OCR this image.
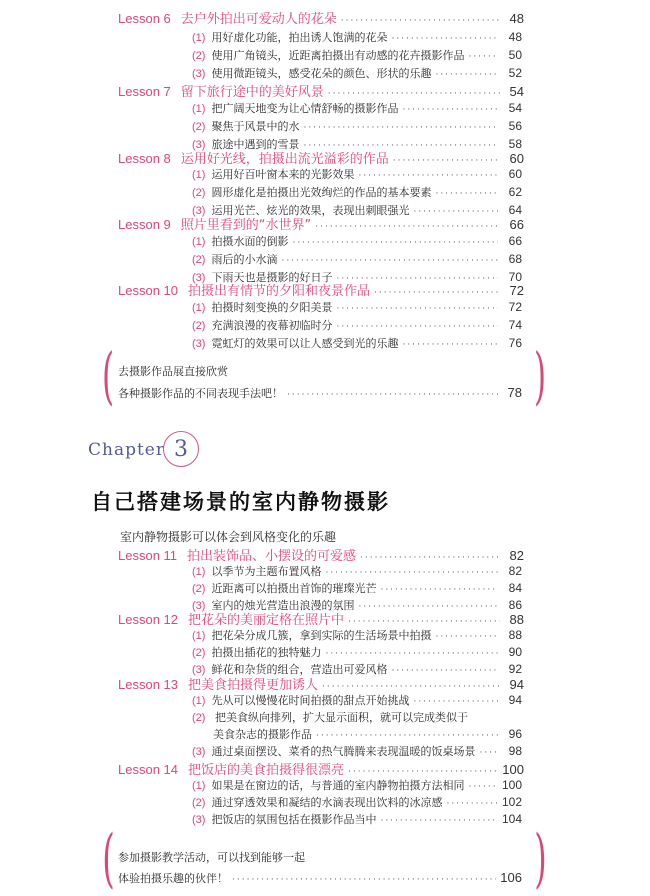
Lesson 6 去户外拍出可爱动人的花朵 ·····	48
(1) 用好虚化功能，拍出诱人饱满的花朵 ·····	48
(2) 使用广角镜头，近距离拍摄出有动感的花卉摄影作品 ·····	50
(3) 使用微距镜头，感受花朵的颜色、形状的乐趣 ·····	52
Lesson 7 留下旅行途中的美好风景 ·····	54
(1) 把广阔天地变为让心情舒畅的摄影作品 ·····	54
(2) 聚焦于风景中的水 ·····	56
(3) 旅途中遇到的雪景 ·····	58
Lesson 8 运用好光线，拍摄出流光溢彩的作品 ·····	60
(1) 运用好百叶窗本来的光影效果 ·····	60
(2) 圆形虚化是拍摄出光效绚烂的作品的基本要素 ·····	62
(3) 运用光芒、炫光的效果，表现出刺眼强光 ·····	64
Lesson 9 照片里看到的“水世界” ·····	66
(1) 拍摄水面的倒影 ·····	66
(2) 雨后的小水滴 ·····	68
(3) 下雨天也是摄影的好日子 ·····	70
Lesson 10 拍摄出有情节的夕阳和夜景作品 ·····	72
(1) 拍摄时刻变换的夕阳美景 ·····	72
(2) 充满浪漫的夜幕初临时分 ·····	74
(3) 霓虹灯的效果可以让人感受到光的乐趣 ·····	76
(	)
去摄影作品展直接欣赏
各种摄影作品的不同表现手法吧！ ·····	78
Chapter 3
自己搭建场景的室内静物摄影
室内静物摄影可以体会到风格变化的乐趣
Lesson 11 拍出装饰品、小摆设的可爱感 ·····	82
(1) 以季节为主题布置风格 ·····	82
(2) 近距离可以拍摄出首饰的璀璨光芒 ·····	84
(3) 室内的烛光营造出浪漫的氛围 ·····	86
Lesson 12 把花朵的美丽定格在照片中 ·····	88
(1) 把花朵分成几簇，拿到实际的生活场景中拍摄 ·····	88
(2) 拍摄出插花的独特魅力 ·····	90
(3) 鲜花和杂货的组合，营造出可爱风格 ·····	92
Lesson 13 把美食拍摄得更加诱人 ·····	94
(1) 先从可以慢慢花时间拍摄的甜点开始挑战 ·····	94
(2) 把美食纵向排列，扩大显示面积，就可以完成类似于
美食杂志的摄影作品 ·····	96
(3) 通过桌面摆设、菜肴的热气腾腾来表现温暖的饭桌场景 ·····	98
Lesson 14 把饭店的美食拍摄得很漂亮 ·····	100
(1) 如果是在窗边的话，与普通的室内静物拍摄方法相同 ·····	100
(2) 通过穿透效果和凝结的水滴表现出饮料的冰凉感 ·····	102
(3) 把饭店的氛围包括在摄影作品当中 ·····	104
(	)
参加摄影教学活动，可以找到能够一起
体验拍摄乐趣的伙伴！ ·····	106
